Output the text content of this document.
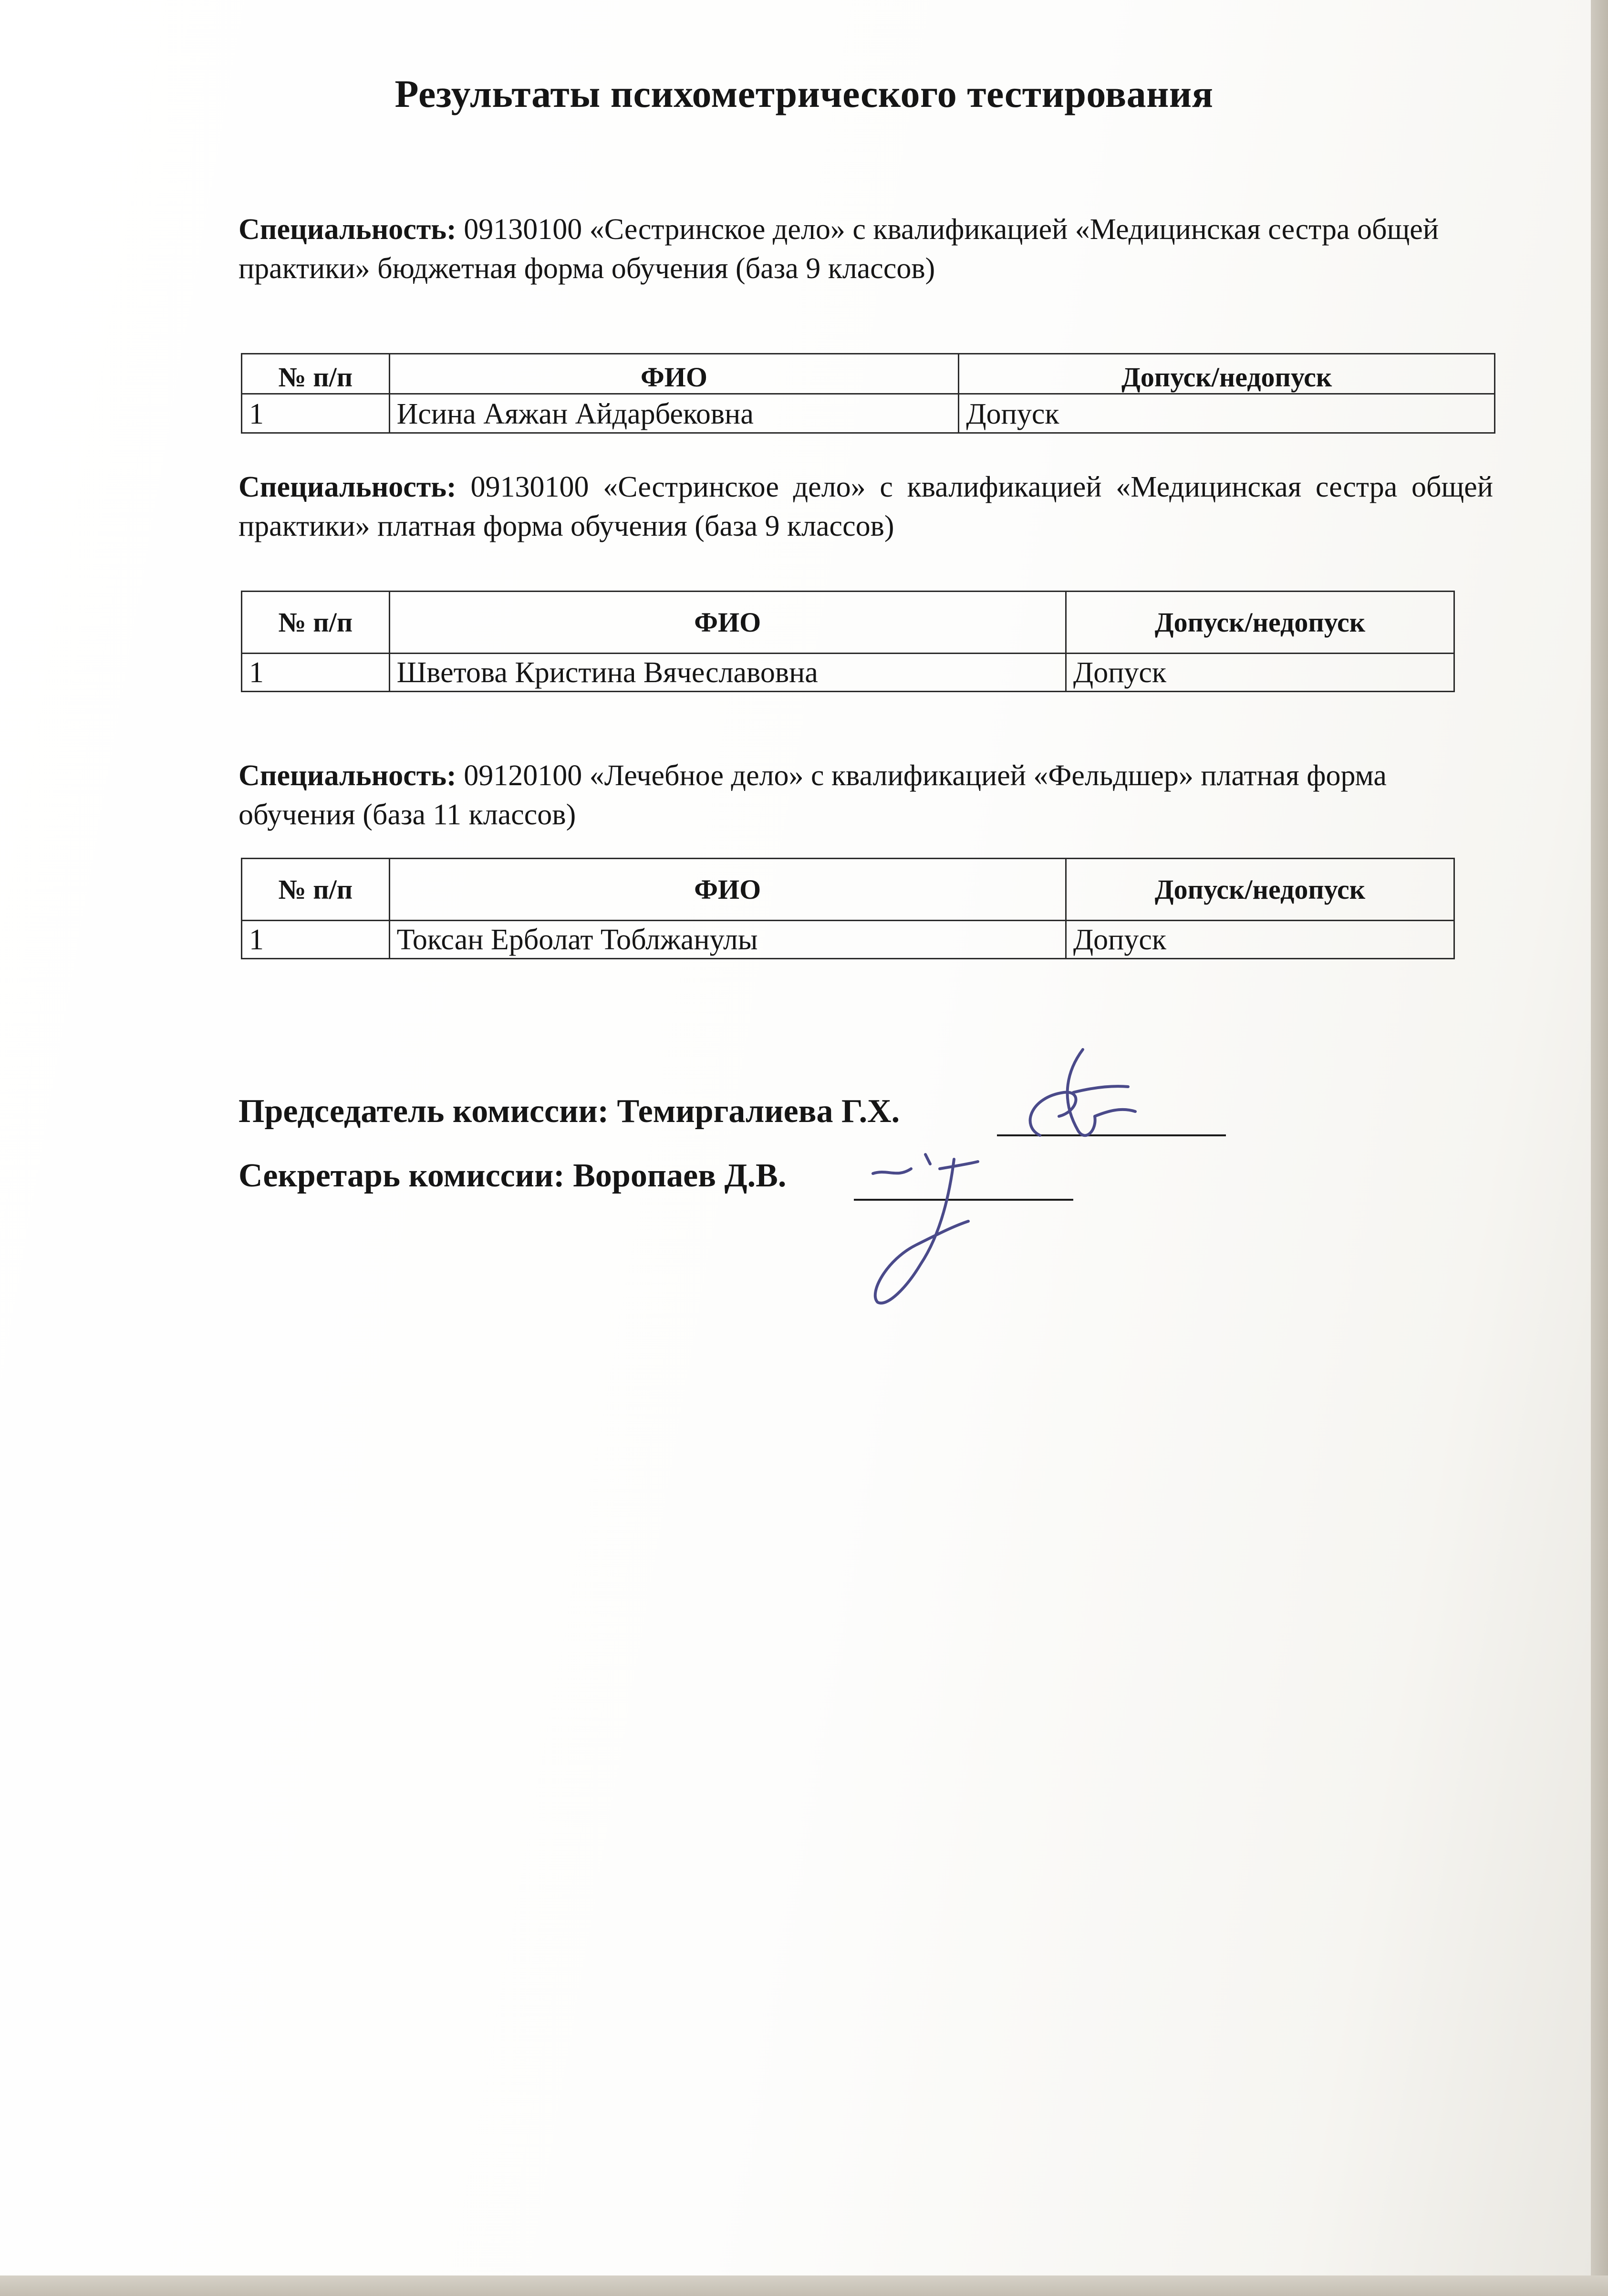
Результаты психометрического тестирования
Специальность: 09130100 «Сестринское дело» с квалификацией «Медицинская сестра общей практики» бюджетная форма обучения (база 9 классов)
№ п/п	ФИО	Допуск/недопуск
1	Исина Аяжан Айдарбековна	Допуск
Специальность: 09130100 «Сестринское дело» с квалификацией «Медицинская сестра общей практики» платная форма обучения (база 9 классов)
№ п/п	ФИО	Допуск/недопуск
1	Шветова Кристина Вячеславовна	Допуск
Специальность: 09120100 «Лечебное дело» с квалификацией «Фельдшер» платная форма обучения (база 11 классов)
№ п/п	ФИО	Допуск/недопуск
1	Токсан Ерболат Тоблжанулы	Допуск
Председатель комиссии: Темиргалиева Г.Х.
Секретарь комиссии: Воропаев Д.В.
